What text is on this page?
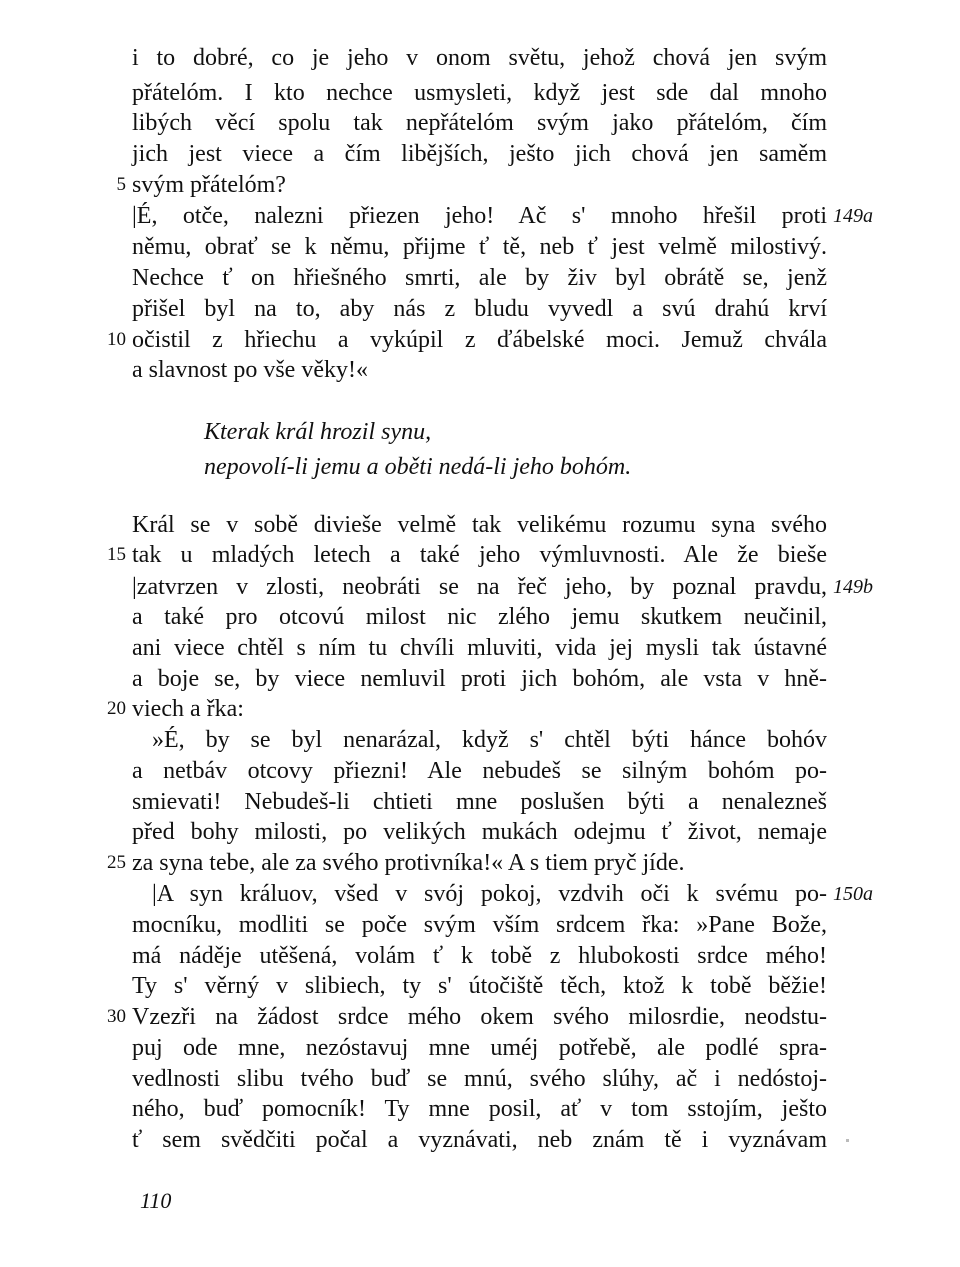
i to dobré, co je jeho v onom světu, jehož chová jen svým
přátelóm. I kto nechce usmysleti, když jest sde dal mnoho
libých věcí spolu tak nepřátelóm svým jako přátelóm, čím
jich jest viece a čím libějších, ješto jich chová jen saměm
svým přátelóm?
|É, otče, nalezni přiezen jeho! Ač s' mnoho hřešil proti
němu, obrať se k němu, přijme ť tě, neb ť jest velmě milostivý.
Nechce ť on hřiešného smrti, ale by živ byl obrátě se, jenž
přišel byl na to, aby nás z bludu vyvedl a svú drahú krví
očistil z hřiechu a vykúpil z ďábelské moci. Jemuž chvála
a slavnost po vše věky!«
Kterak král hrozil synu,
nepovolí-li jemu a oběti nedá-li jeho bohóm.
Král se v sobě divieše velmě tak velikému rozumu syna svého
tak u mladých letech a také jeho výmluvnosti. Ale že bieše
|zatvrzen v zlosti, neobráti se na řeč jeho, by poznal pravdu,
a také pro otcovú milost nic zlého jemu skutkem neučinil,
ani viece chtěl s ním tu chvíli mluviti, vida jej mysli tak ústavné
a boje se, by viece nemluvil proti jich bohóm, ale vsta v hně-
viech a řka:
»É, by se byl nenarázal, když s' chtěl býti hánce bohóv
a netbáv otcovy přiezni! Ale nebudeš se silným bohóm po-
smievati! Nebudeš-li chtieti mne poslušen býti a nenalezneš
před bohy milosti, po velikých mukách odejmu ť život, nemaje
za syna tebe, ale za svého protivníka!« A s tiem pryč jíde.
|A syn králuov, všed v svój pokoj, vzdvih oči k svému po-
mocníku, modliti se poče svým vším srdcem řka: »Pane Bože,
má náděje utěšená, volám ť k tobě z hlubokosti srdce mého!
Ty s' věrný v slibiech, ty s' útočiště těch, ktož k tobě běžie!
Vzezři na žádost srdce mého okem svého milosrdie, neodstu-
puj ode mne, nezóstavuj mne uméj potřebě, ale podlé spra-
vedlnosti slibu tvého buď se mnú, svého slúhy, ač i nedóstoj-
ného, buď pomocník! Ty mne posil, ať v tom sstojím, ješto
ť sem svědčiti počal a vyznávati, neb znám tě i vyznávam
5
10
15
20
25
30
149a
149b
150a
110
